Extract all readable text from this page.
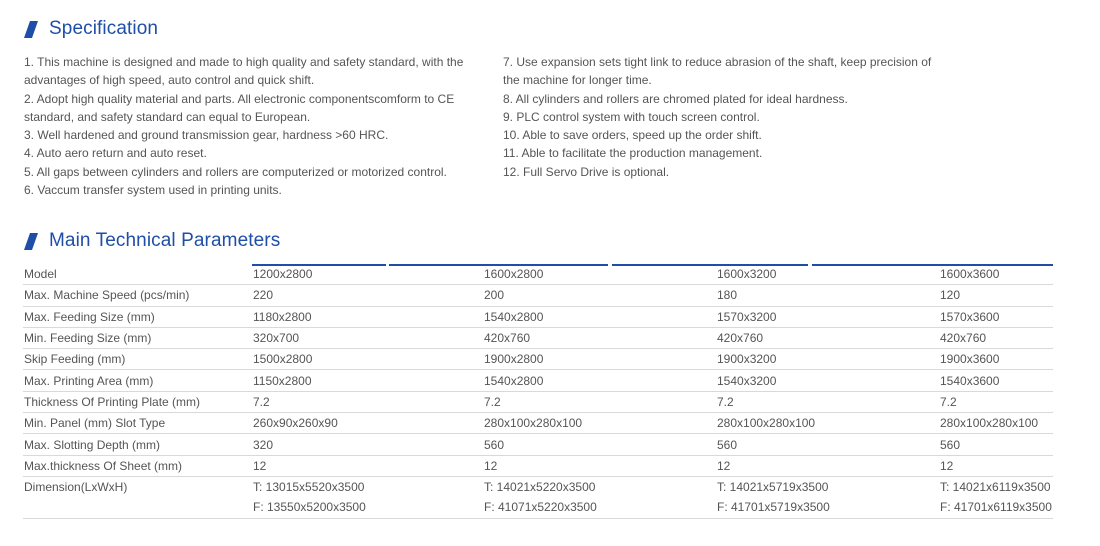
Specification

1. This machine is designed and made to high quality and safety standard, with the advantages of high speed, auto control and quick shift.

2. Adopt high quality material and parts. All electronic componentscomform to CE standard, and safety standard can equal to European.

3. Well hardened and ground transmission gear, hardness >60 HRC.

4. Auto aero return and auto reset.

5. All gaps between cylinders and rollers are computerized or motorized control.

6. Vaccum transfer system used in printing units.

7. Use expansion sets tight link to reduce abrasion of the shaft, keep precision of the machine for longer time.

8. All cylinders and rollers are chromed plated for ideal hardness.

9. PLC control system with touch screen control.

10. Able to save orders, speed up the order shift.

11. Able to facilitate the production management.

12. Full Servo Drive is optional.

Main Technical Parameters
Model	1200x2800	1600x2800	1600x3200	1600x3600
Max. Machine Speed (pcs/min)	220	200	180	120
Max. Feeding Size (mm)	1180x2800	1540x2800	1570x3200	1570x3600
Min. Feeding Size (mm)	320x700	420x760	420x760	420x760
Skip Feeding (mm)	1500x2800	1900x2800	1900x3200	1900x3600
Max. Printing Area (mm)	1150x2800	1540x2800	1540x3200	1540x3600
Thickness Of Printing Plate (mm)	7.2	7.2	7.2	7.2
Min. Panel (mm) Slot Type	260x90x260x90	280x100x280x100	280x100x280x100	280x100x280x100
Max. Slotting Depth (mm)	320	560	560	560
Max.thickness Of Sheet (mm)	12	12	12	12
Dimension(LxWxH)	T: 13015x5520x3500	T: 14021x5220x3500	T: 14021x5719x3500	T: 14021x6119x3500
	F: 13550x5200x3500	F: 41071x5220x3500	F: 41701x5719x3500	F: 41701x6119x3500
